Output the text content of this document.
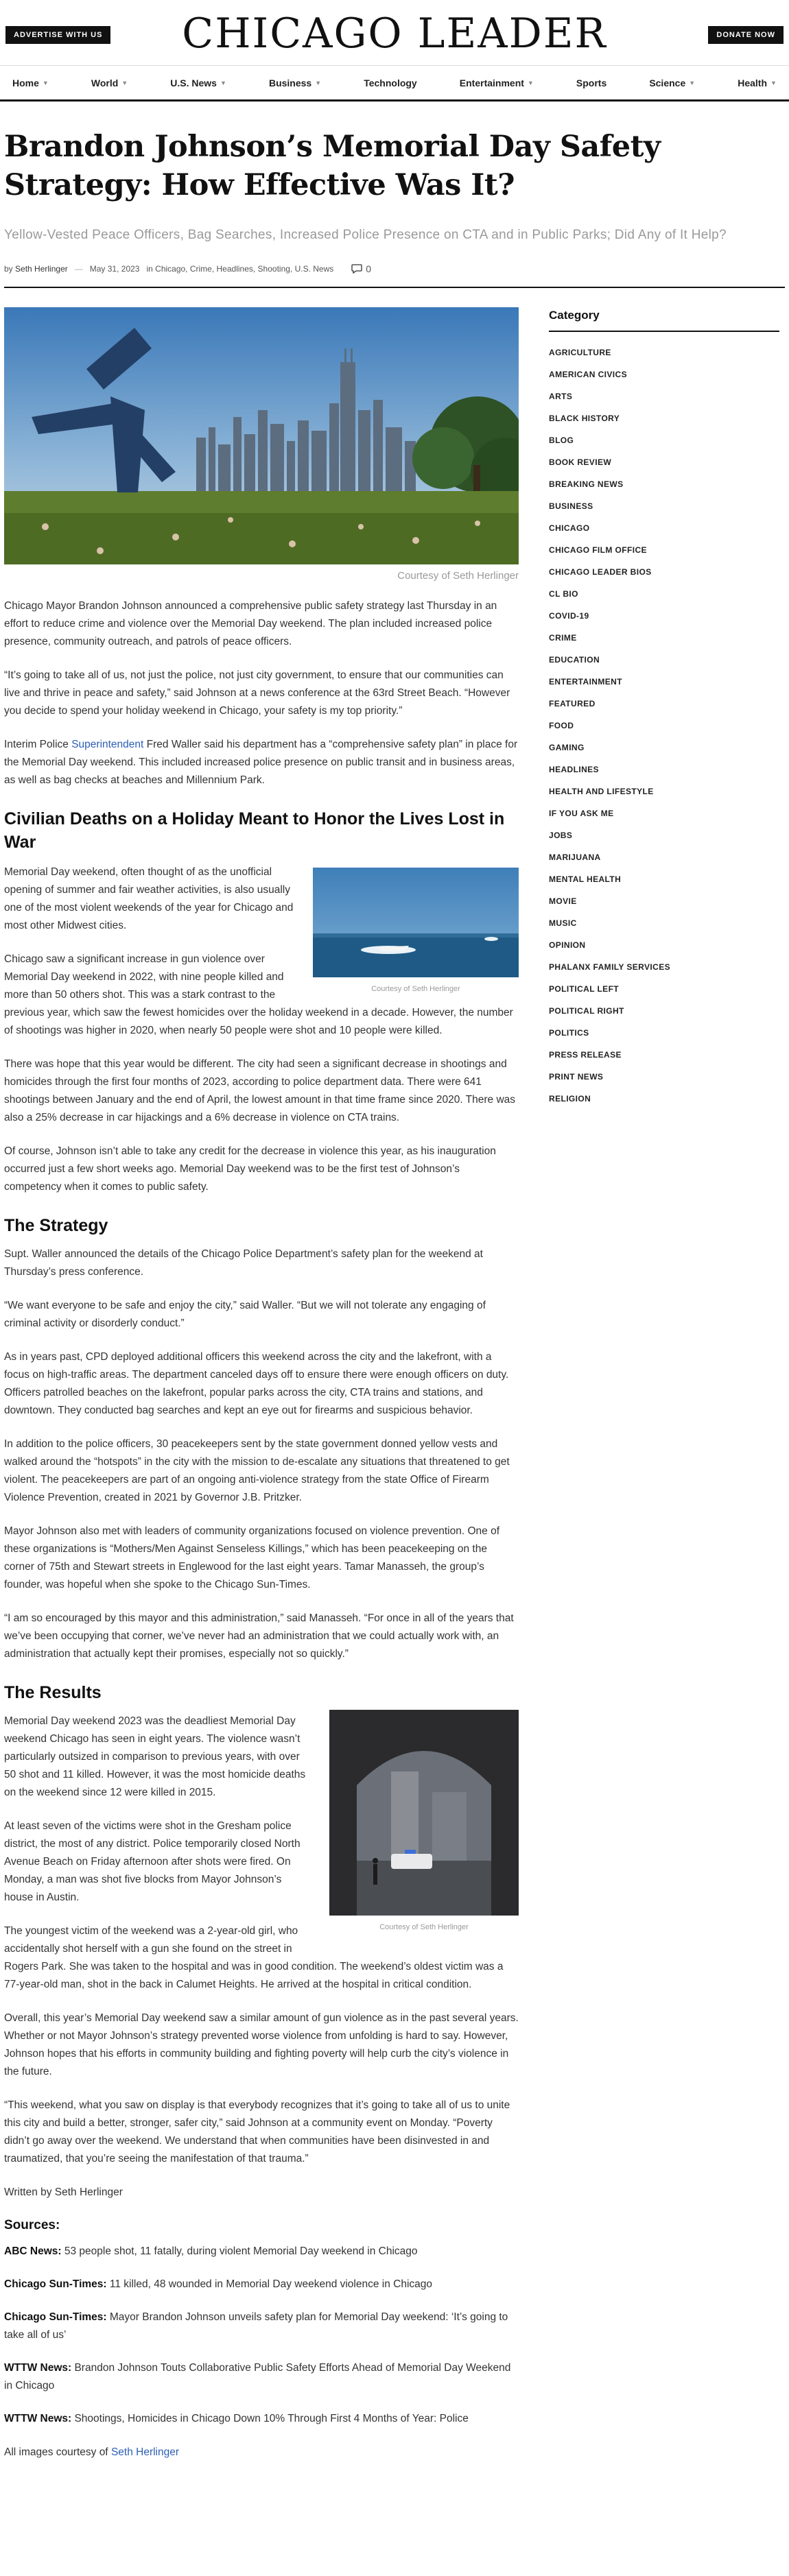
ADVERTISE WITH US	CHICAGO LEADER	DONATE NOW
Home ▼	World ▼	U.S. News ▼	Business ▼	Technology	Entertainment ▼	Sports	Science ▼	Health ▼
Brandon Johnson’s Memorial Day Safety Strategy: How Effective Was It?
Yellow-Vested Peace Officers, Bag Searches, Increased Police Presence on CTA and in Public Parks; Did Any of It Help?
by Seth Herlinger — May 31, 2023 in Chicago, Crime, Headlines, Shooting, U.S. News	0
Courtesy of Seth Herlinger

Chicago Mayor Brandon Johnson announced a comprehensive public safety strategy last Thursday in an effort to reduce crime and violence over the Memorial Day weekend. The plan included increased police presence, community outreach, and patrols of peace officers.

“It’s going to take all of us, not just the police, not just city government, to ensure that our communities can live and thrive in peace and safety,” said Johnson at a news conference at the 63rd Street Beach. “However you decide to spend your holiday weekend in Chicago, your safety is my top priority.”

Interim Police Superintendent Fred Waller said his department has a “comprehensive safety plan” in place for the Memorial Day weekend. This included increased police presence on public transit and in business areas, as well as bag checks at beaches and Millennium Park.

Civilian Deaths on a Holiday Meant to Honor the Lives Lost in War
Courtesy of Seth Herlinger

Memorial Day weekend, often thought of as the unofficial opening of summer and fair weather activities, is also usually one of the most violent weekends of the year for Chicago and most other Midwest cities.

Chicago saw a significant increase in gun violence over Memorial Day weekend in 2022, with nine people killed and more than 50 others shot. This was a stark contrast to the previous year, which saw the fewest homicides over the holiday weekend in a decade. However, the number of shootings was higher in 2020, when nearly 50 people were shot and 10 people were killed.

There was hope that this year would be different. The city had seen a significant decrease in shootings and homicides through the first four months of 2023, according to police department data. There were 641 shootings between January and the end of April, the lowest amount in that time frame since 2020. There was also a 25% decrease in car hijackings and a 6% decrease in violence on CTA trains.

Of course, Johnson isn’t able to take any credit for the decrease in violence this year, as his inauguration occurred just a few short weeks ago. Memorial Day weekend was to be the first test of Johnson’s competency when it comes to public safety.

The Strategy

Supt. Waller announced the details of the Chicago Police Department’s safety plan for the weekend at Thursday’s press conference.

“We want everyone to be safe and enjoy the city,” said Waller. “But we will not tolerate any engaging of criminal activity or disorderly conduct.”

As in years past, CPD deployed additional officers this weekend across the city and the lakefront, with a focus on high-traffic areas. The department canceled days off to ensure there were enough officers on duty. Officers patrolled beaches on the lakefront, popular parks across the city, CTA trains and stations, and downtown. They conducted bag searches and kept an eye out for firearms and suspicious behavior.

In addition to the police officers, 30 peacekeepers sent by the state government donned yellow vests and walked around the “hotspots” in the city with the mission to de-escalate any situations that threatened to get violent. The peacekeepers are part of an ongoing anti-violence strategy from the state Office of Firearm Violence Prevention, created in 2021 by Governor J.B. Pritzker.

Mayor Johnson also met with leaders of community organizations focused on violence prevention. One of these organizations is “Mothers/Men Against Senseless Killings,” which has been peacekeeping on the corner of 75th and Stewart streets in Englewood for the last eight years. Tamar Manasseh, the group’s founder, was hopeful when she spoke to the Chicago Sun-Times.

“I am so encouraged by this mayor and this administration,” said Manasseh. “For once in all of the years that we’ve been occupying that corner, we’ve never had an administration that we could actually work with, an administration that actually kept their promises, especially not so quickly.”

The Results
Courtesy of Seth Herlinger

Memorial Day weekend 2023 was the deadliest Memorial Day weekend Chicago has seen in eight years. The violence wasn’t particularly outsized in comparison to previous years, with over 50 shot and 11 killed. However, it was the most homicide deaths on the weekend since 12 were killed in 2015.

At least seven of the victims were shot in the Gresham police district, the most of any district. Police temporarily closed North Avenue Beach on Friday afternoon after shots were fired. On Monday, a man was shot five blocks from Mayor Johnson’s house in Austin.

The youngest victim of the weekend was a 2-year-old girl, who accidentally shot herself with a gun she found on the street in Rogers Park. She was taken to the hospital and was in good condition. The weekend’s oldest victim was a 77-year-old man, shot in the back in Calumet Heights. He arrived at the hospital in critical condition.

Overall, this year’s Memorial Day weekend saw a similar amount of gun violence as in the past several years. Whether or not Mayor Johnson’s strategy prevented worse violence from unfolding is hard to say. However, Johnson hopes that his efforts in community building and fighting poverty will help curb the city’s violence in the future.

“This weekend, what you saw on display is that everybody recognizes that it’s going to take all of us to unite this city and build a better, stronger, safer city,” said Johnson at a community event on Monday. “Poverty didn’t go away over the weekend. We understand that when communities have been disinvested in and traumatized, that you’re seeing the manifestation of that trauma.”

Written by Seth Herlinger

Sources:
ABC News: 53 people shot, 11 fatally, during violent Memorial Day weekend in Chicago
Chicago Sun-Times: 11 killed, 48 wounded in Memorial Day weekend violence in Chicago
Chicago Sun-Times: Mayor Brandon Johnson unveils safety plan for Memorial Day weekend: ‘It’s going to take all of us’
WTTW News: Brandon Johnson Touts Collaborative Public Safety Efforts Ahead of Memorial Day Weekend in Chicago
WTTW News: Shootings, Homicides in Chicago Down 10% Through First 4 Months of Year: Police

All images courtesy of Seth Herlinger

Category
AGRICULTURE
AMERICAN CIVICS
ARTS
BLACK HISTORY
BLOG
BOOK REVIEW
BREAKING NEWS
BUSINESS
CHICAGO
CHICAGO FILM OFFICE
CHICAGO LEADER BIOS
CL BIO
COVID-19
CRIME
EDUCATION
ENTERTAINMENT
FEATURED
FOOD
GAMING
HEADLINES
HEALTH AND LIFESTYLE
IF YOU ASK ME
JOBS
MARIJUANA
MENTAL HEALTH
MOVIE
MUSIC
OPINION
PHALANX FAMILY SERVICES
POLITICAL LEFT
POLITICAL RIGHT
POLITICS
PRESS RELEASE
PRINT NEWS
RELIGION
